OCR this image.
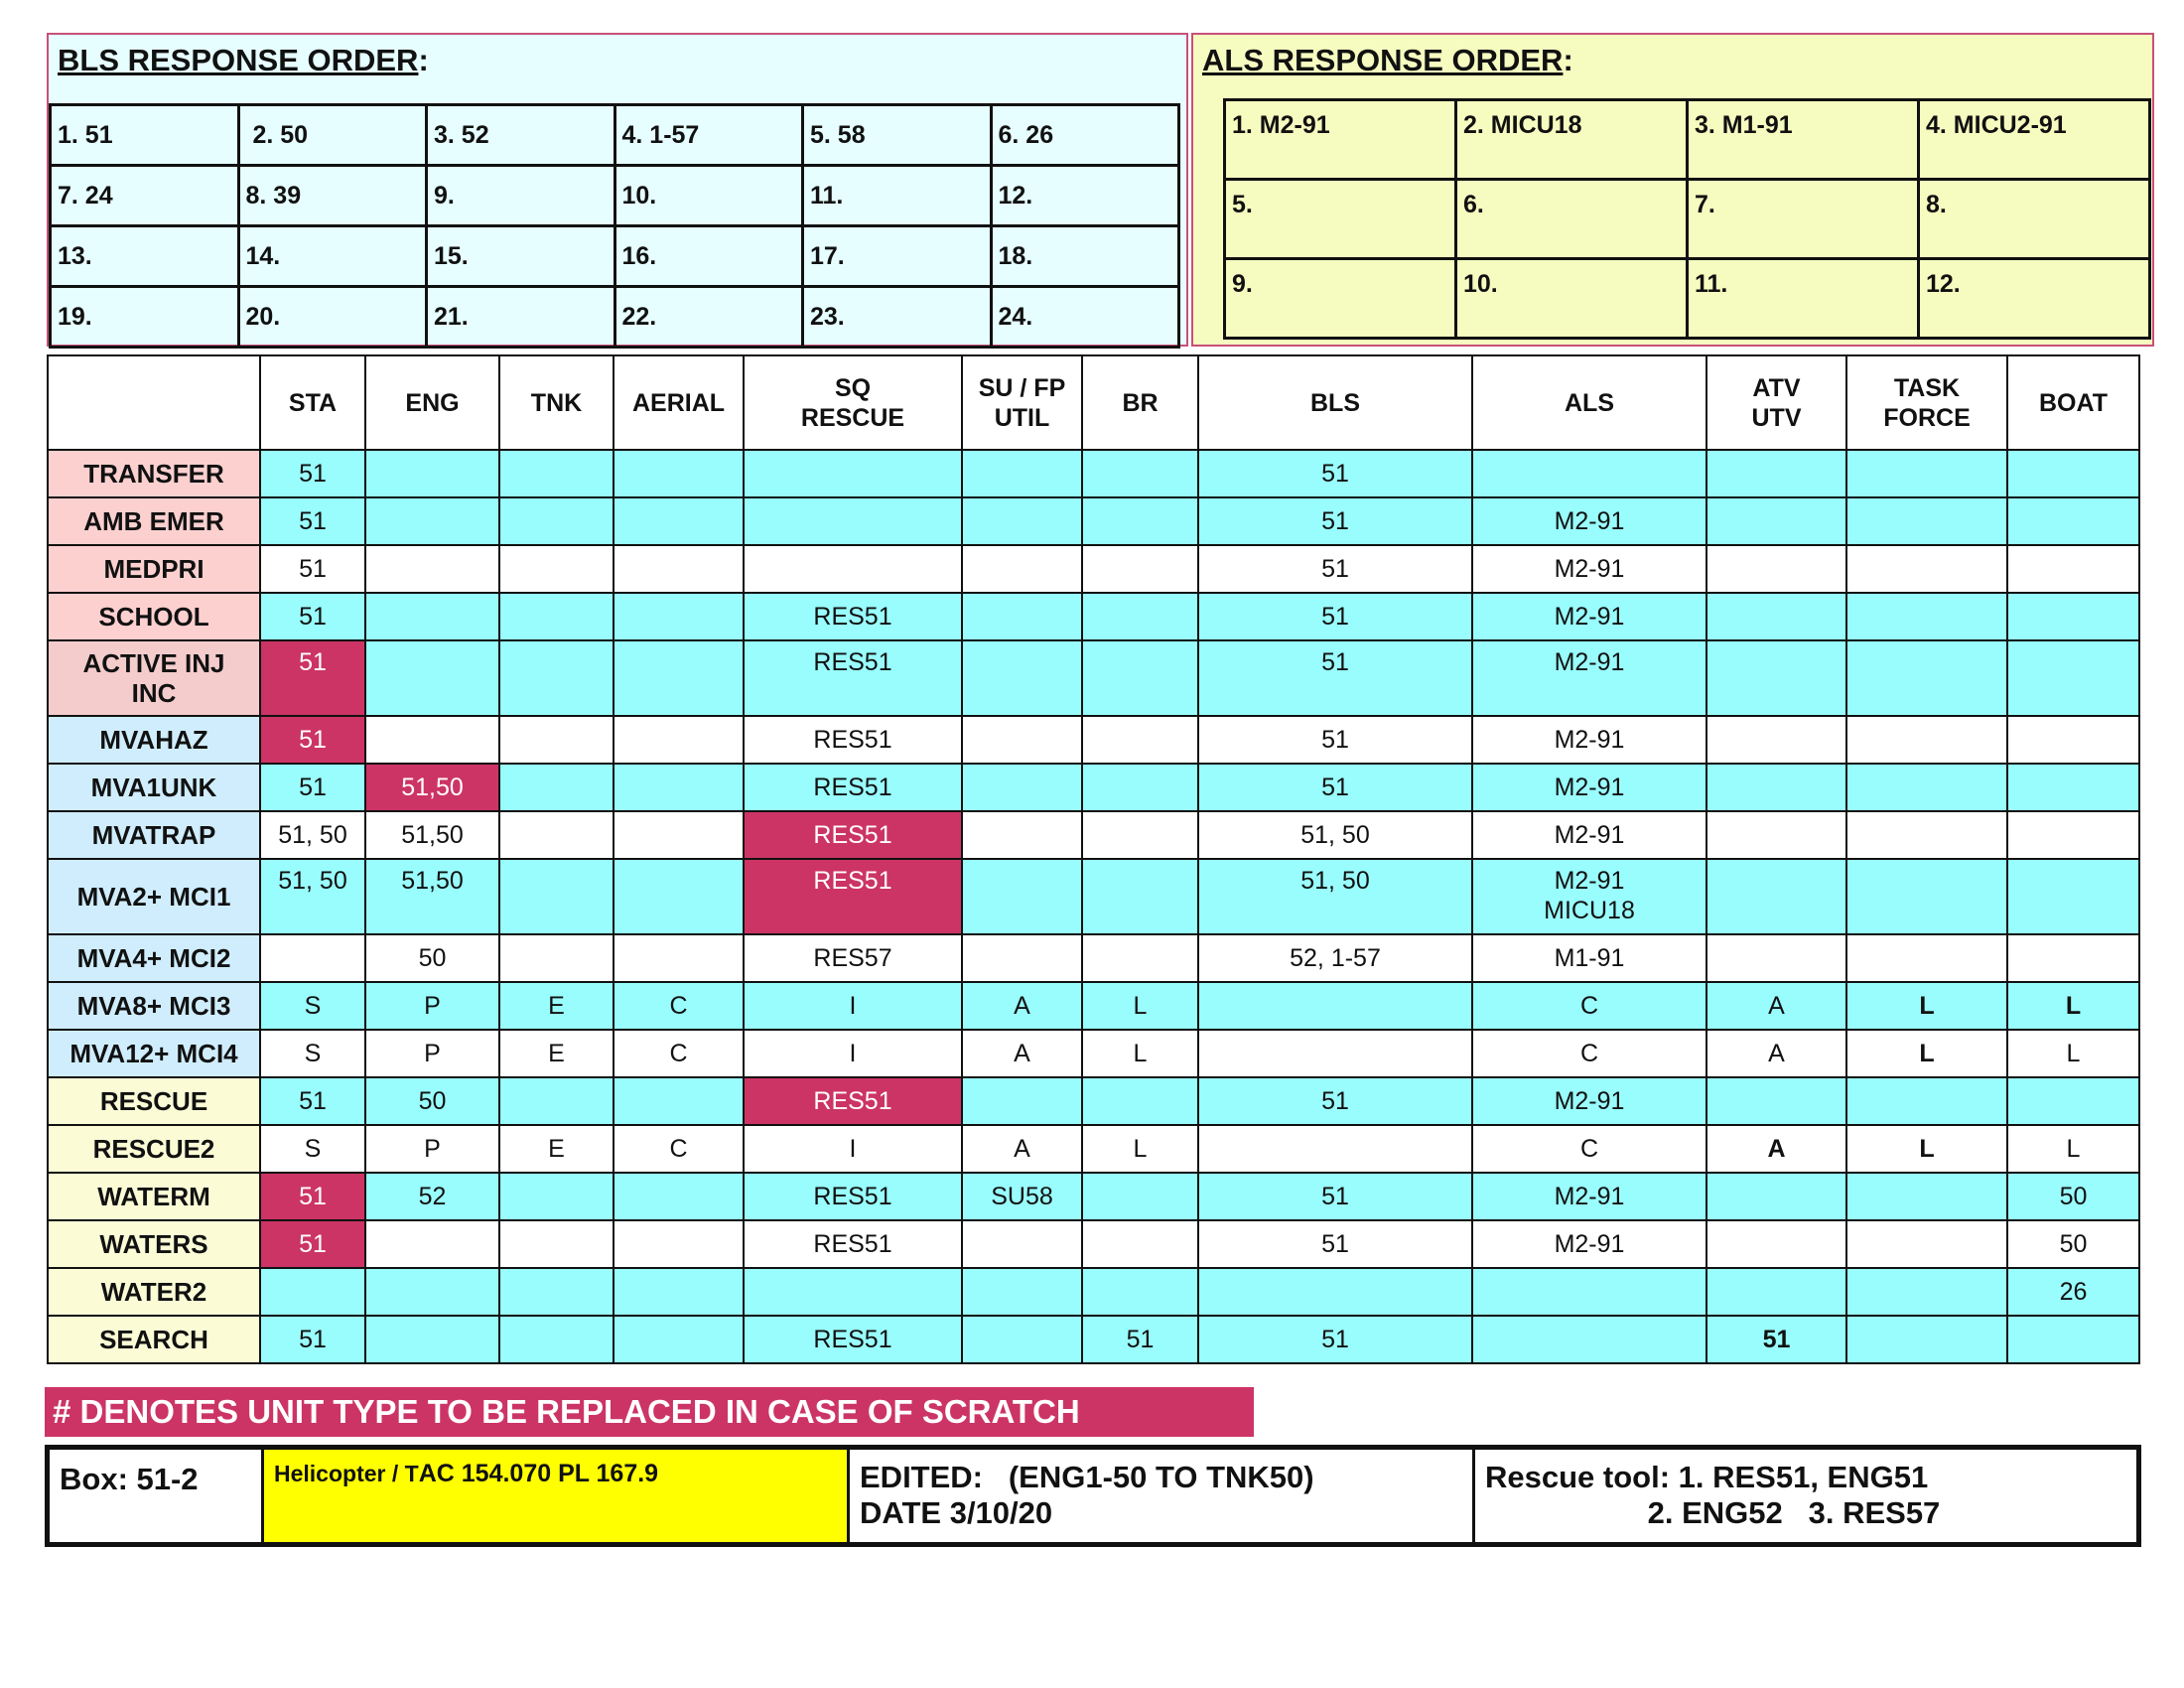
BLS RESPONSE ORDER:
1. 51	2. 50	3. 52	4. 1-57	5. 58	6. 26
7. 24	8. 39	9.	10.	11.	12.
13.	14.	15.	16.	17.	18.
19.	20.	21.	22.	23.	24.
ALS RESPONSE ORDER:
1. M2-91	2. MICU18	3. M1-91	4. MICU2-91
5.	6.	7.	8.
9.	10.	11.	12.
	STA	ENG	TNK	AERIAL	SQ
RESCUE	SU / FP
UTIL	BR	BLS	ALS	ATV
UTV	TASK
FORCE	BOAT
TRANSFER	51							51				
AMB EMER	51							51	M2-91			
MEDPRI	51							51	M2-91			
SCHOOL	51				RES51			51	M2-91			
ACTIVE INJ
INC	51				RES51			51	M2-91			
MVAHAZ	51				RES51			51	M2-91			
MVA1UNK	51	51,50			RES51			51	M2-91			
MVATRAP	51, 50	51,50			RES51			51, 50	M2-91			
MVA2+ MCI1	51, 50	51,50			RES51			51, 50	M2-91
MICU18			
MVA4+ MCI2		50			RES57			52, 1-57	M1-91			
MVA8+ MCI3	S	P	E	C	I	A	L		C	A	L	L
MVA12+ MCI4	S	P	E	C	I	A	L		C	A	L	L
RESCUE	51	50			RES51			51	M2-91			
RESCUE2	S	P	E	C	I	A	L		C	A	L	L
WATERM	51	52			RES51	SU58		51	M2-91			50
WATERS	51				RES51			51	M2-91			50
WATER2												26
SEARCH	51				RES51		51	51		51		
# DENOTES UNIT TYPE TO BE REPLACED IN CASE OF SCRATCH
Box: 51-2	Helicopter / TAC 154.070 PL 167.9	EDITED:   (ENG1-50 TO TNK50)
DATE 3/10/20
Rescue tool: 1. RES51, ENG51
2. ENG52   3. RES57
